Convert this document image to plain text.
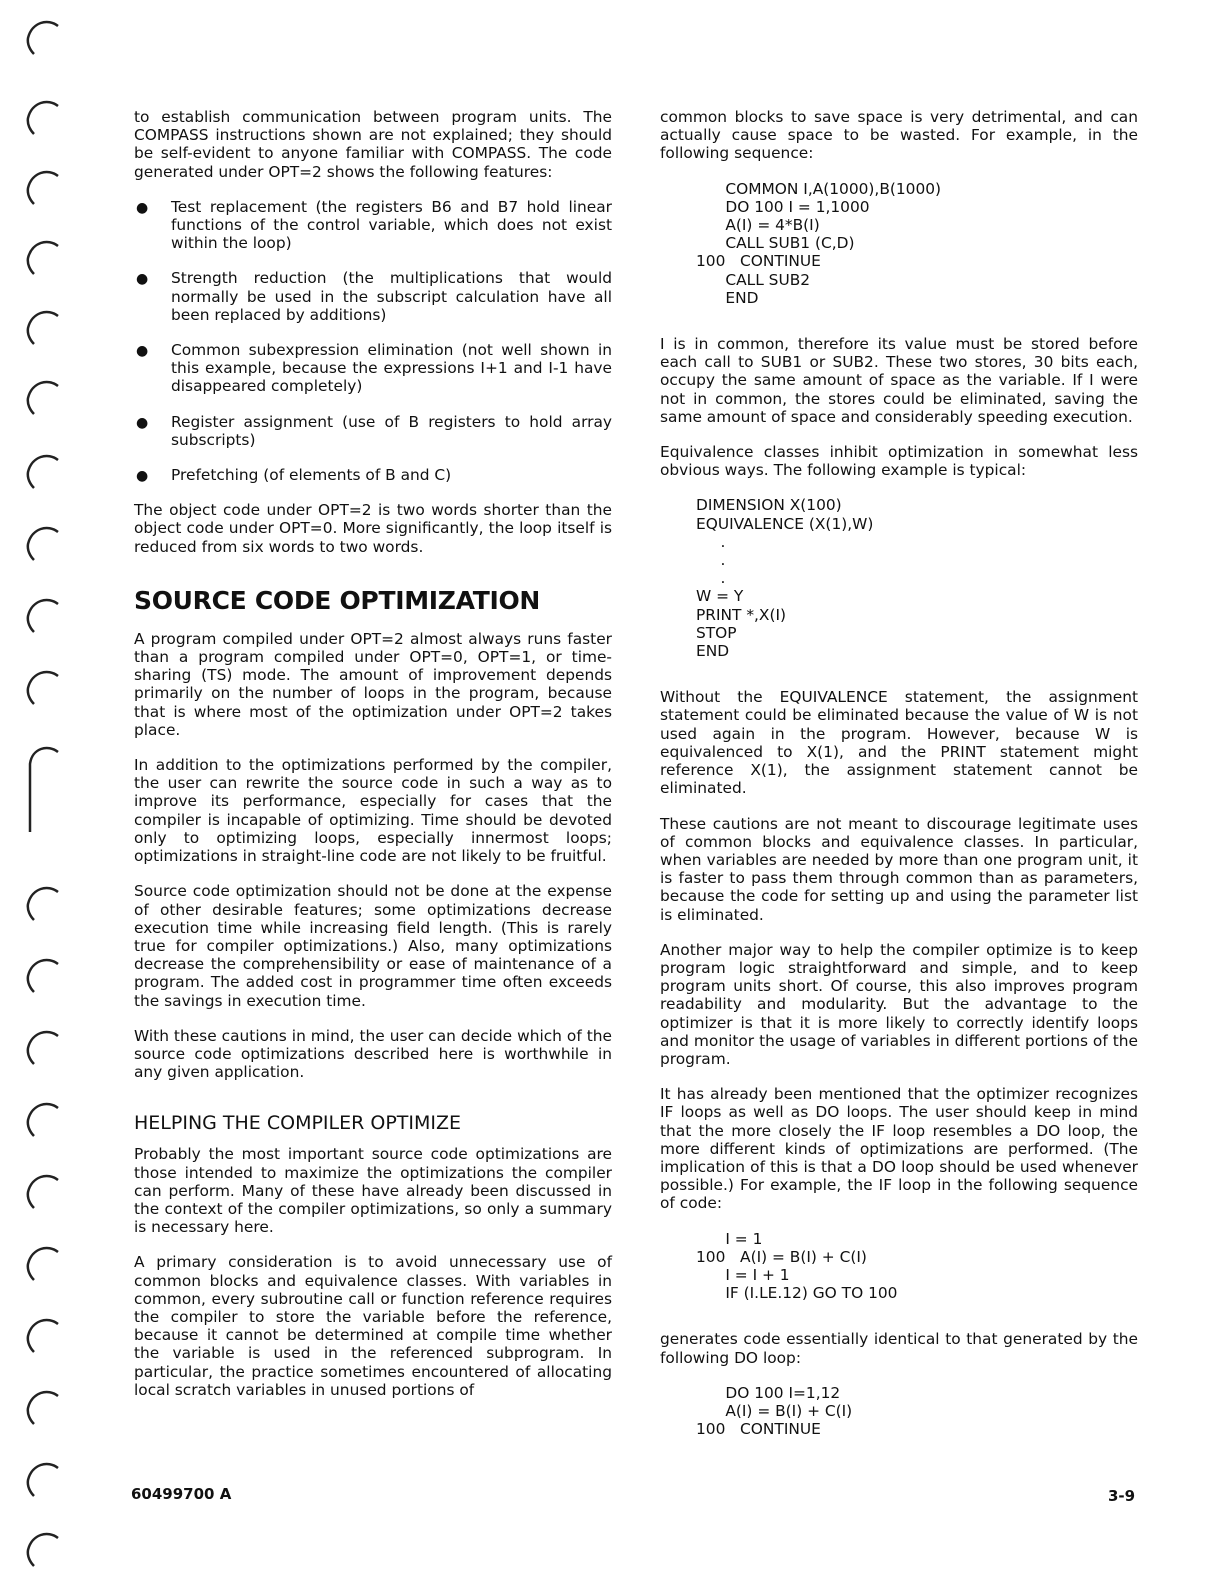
to establish communication between program units. The COMPASS instructions shown are not explained; they should be self-evident to anyone familiar with COMPASS. The code generated under OPT=2 shows the following features:

● Test replacement (the registers B6 and B7 hold linear functions of the control variable, which does not exist within the loop)
● Strength reduction (the multiplications that would normally be used in the subscript calculation have all been replaced by additions)
● Common subexpression elimination (not well shown in this example, because the expressions I+1 and I-1 have disappeared completely)
● Register assignment (use of B registers to hold array subscripts)
● Prefetching (of elements of B and C)

The object code under OPT=2 is two words shorter than the object code under OPT=0. More significantly, the loop itself is reduced from six words to two words.

SOURCE CODE OPTIMIZATION

A program compiled under OPT=2 almost always runs faster than a program compiled under OPT=0, OPT=1, or time-sharing (TS) mode. The amount of improvement depends primarily on the number of loops in the program, because that is where most of the optimization under OPT=2 takes place.

In addition to the optimizations performed by the compiler, the user can rewrite the source code in such a way as to improve its performance, especially for cases that the compiler is incapable of optimizing. Time should be devoted only to optimizing loops, especially innermost loops; optimizations in straight-line code are not likely to be fruitful.

Source code optimization should not be done at the expense of other desirable features; some optimizations decrease execution time while increasing field length. (This is rarely true for compiler optimizations.) Also, many optimizations decrease the comprehensibility or ease of maintenance of a program. The added cost in programmer time often exceeds the savings in execution time.

With these cautions in mind, the user can decide which of the source code optimizations described here is worthwhile in any given application.

HELPING THE COMPILER OPTIMIZE

Probably the most important source code optimizations are those intended to maximize the optimizations the compiler can perform. Many of these have already been discussed in the context of the compiler optimizations, so only a summary is necessary here.

A primary consideration is to avoid unnecessary use of common blocks and equivalence classes. With variables in common, every subroutine call or function reference requires the compiler to store the variable before the reference, because it cannot be determined at compile time whether the variable is used in the referenced subprogram. In particular, the practice sometimes encountered of allocating local scratch variables in unused portions of

common blocks to save space is very detrimental, and can actually cause space to be wasted. For example, in the following sequence:

COMMON I,A(1000),B(1000)
DO 100 I = 1,1000
A(I) = 4*B(I)
CALL SUB1 (C,D)
100   CONTINUE
CALL SUB2
END

I is in common, therefore its value must be stored before each call to SUB1 or SUB2. These two stores, 30 bits each, occupy the same amount of space as the variable. If I were not in common, the stores could be eliminated, saving the same amount of space and considerably speeding execution.

Equivalence classes inhibit optimization in somewhat less obvious ways. The following example is typical:

DIMENSION X(100)
EQUIVALENCE (X(1),W)
.
.
.
W = Y
PRINT *,X(I)
STOP
END

Without the EQUIVALENCE statement, the assignment statement could be eliminated because the value of W is not used again in the program. However, because W is equivalenced to X(1), and the PRINT statement might reference X(1), the assignment statement cannot be eliminated.

These cautions are not meant to discourage legitimate uses of common blocks and equivalence classes. In particular, when variables are needed by more than one program unit, it is faster to pass them through common than as parameters, because the code for setting up and using the parameter list is eliminated.

Another major way to help the compiler optimize is to keep program logic straightforward and simple, and to keep program units short. Of course, this also improves program readability and modularity. But the advantage to the optimizer is that it is more likely to correctly identify loops and monitor the usage of variables in different portions of the program.

It has already been mentioned that the optimizer recognizes IF loops as well as DO loops. The user should keep in mind that the more closely the IF loop resembles a DO loop, the more different kinds of optimizations are performed. (The implication of this is that a DO loop should be used whenever possible.) For example, the IF loop in the following sequence of code:

I = 1
100   A(I) = B(I) + C(I)
I = I + 1
IF (I.LE.12) GO TO 100

generates code essentially identical to that generated by the following DO loop:

DO 100 I=1,12
A(I) = B(I) + C(I)
100   CONTINUE
60499700 A	3-9
